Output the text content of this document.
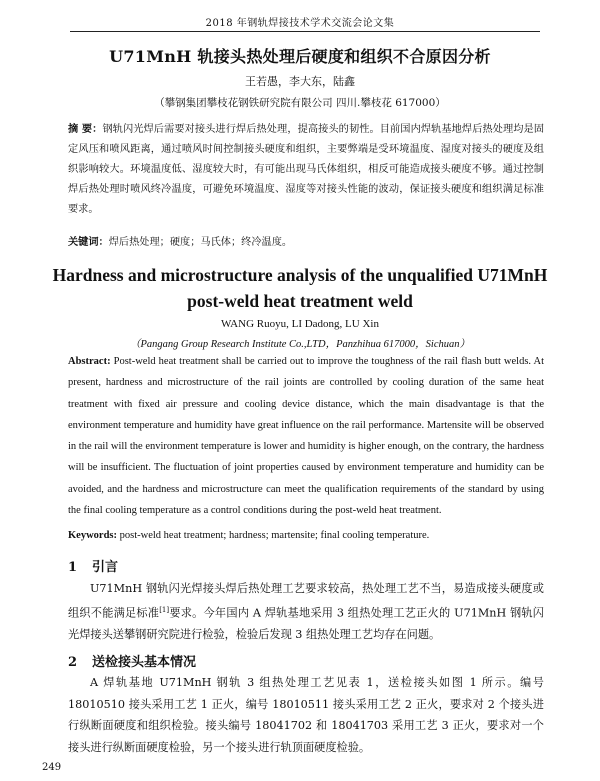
2018 年钢轨焊接技术学术交流会论文集
U71MnH 轨接头热处理后硬度和组织不合原因分析
王若愚，李大东，陆鑫
（攀钢集团攀枝花钢铁研究院有限公司 四川.攀枝花 617000）
摘 要：钢轨闪光焊后需要对接头进行焊后热处理，提高接头的韧性。目前国内焊轨基地焊后热处理均是固定风压和喷风距离，通过喷风时间控制接头硬度和组织，主要弊端是受环境温度、湿度对接头的硬度及组织影响较大。环境温度低、湿度较大时，有可能出现马氏体组织，相反可能造成接头硬度不够。通过控制焊后热处理时喷风终冷温度，可避免环境温度、湿度等对接头性能的波动，保证接头硬度和组织满足标准要求。
关键词：焊后热处理；硬度；马氏体；终冷温度。
Hardness and microstructure analysis of the unqualified U71MnH
post-weld heat treatment weld
WANG Ruoyu, LI Dadong, LU Xin
（Pangang Group Research Institute Co.,LTD，Panzhihua 617000，Sichuan）
Abstract: Post-weld heat treatment shall be carried out to improve the toughness of the rail flash butt welds. At present, hardness and microstructure of the rail joints are controlled by cooling duration of the same heat treatment with fixed air pressure and cooling device distance, which the main disadvantage is that the environment temperature and humidity have great influence on the rail performance. Martensite will be observed in the rail will the environment temperature is lower and humidity is higher enough, on the contrary, the hardness will be insufficient. The fluctuation of joint properties caused by environment temperature and humidity can be avoided, and the hardness and microstructure can meet the qualification requirements of the standard by using the final cooling temperature as a control conditions during the post-weld heat treatment.
Keywords: post-weld heat treatment; hardness; martensite; final cooling temperature.
1 引言
U71MnH 钢轨闪光焊接头焊后热处理工艺要求较高，热处理工艺不当，易造成接头硬度或组织不能满足标准[1]要求。今年国内 A 焊轨基地采用 3 组热处理工艺正火的 U71MnH 钢轨闪光焊接头送攀钢研究院进行检验，检验后发现 3 组热处理工艺均存在问题。
2 送检接头基本情况
A 焊轨基地 U71MnH 钢轨 3 组热处理工艺见表 1，送检接头如图 1 所示。编号 18010510 接头采用工艺 1 正火，编号 18010511 接头采用工艺 2 正火，要求对 2 个接头进行纵断面硬度和组织检验。接头编号 18041702 和 18041703 采用工艺 3 正火，要求对一个接头进行纵断面硬度检验，另一个接头进行轨顶面硬度检验。
249
